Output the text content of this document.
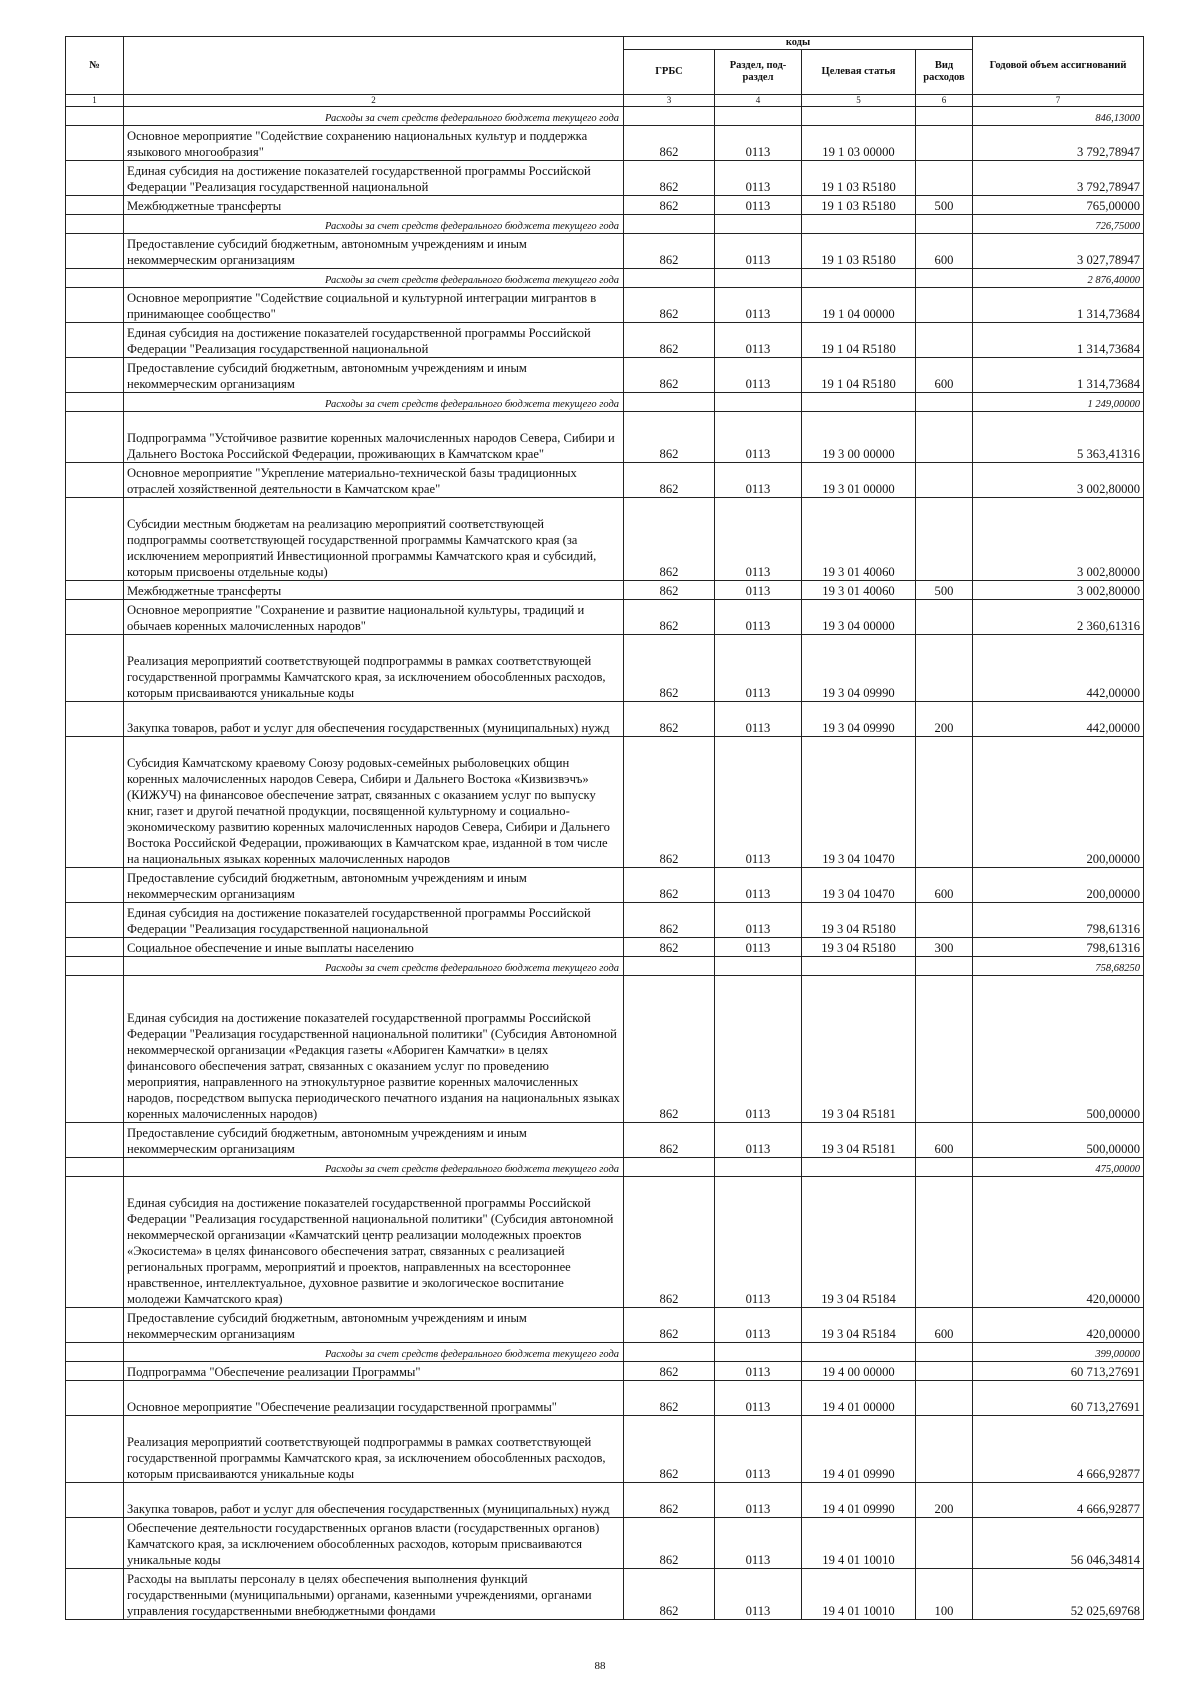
№		коды				Годовой объем ассигнований
		ГРБС	Раздел, под-раздел	Целевая статья	Вид расходов	
1	2	3	4	5	6	7
	Расходы за счет средств федерального бюджета текущего года					846,13000
	Основное мероприятие "Содействие сохранению национальных культур и поддержка языкового многообразия"	862	0113	19 1 03 00000		3 792,78947
	Единая субсидия на достижение показателей государственной программы Российской Федерации "Реализация государственной национальной	862	0113	19 1 03 R5180		3 792,78947
	Межбюджетные трансферты	862	0113	19 1 03 R5180	500	765,00000
	Расходы за счет средств федерального бюджета текущего года					726,75000
	Предоставление субсидий бюджетным, автономным учреждениям и иным некоммерческим организациям	862	0113	19 1 03 R5180	600	3 027,78947
	Расходы за счет средств федерального бюджета текущего года					2 876,40000
	Основное мероприятие "Содействие социальной и культурной интеграции мигрантов в принимающее сообщество"	862	0113	19 1 04 00000		1 314,73684
	Единая субсидия на достижение показателей государственной программы Российской Федерации "Реализация государственной национальной	862	0113	19 1 04 R5180		1 314,73684
	Предоставление субсидий бюджетным, автономным учреждениям и иным некоммерческим организациям	862	0113	19 1 04 R5180	600	1 314,73684
	Расходы за счет средств федерального бюджета текущего года					1 249,00000
	Подпрограмма "Устойчивое развитие коренных малочисленных народов Севера, Сибири и Дальнего Востока Российской Федерации, проживающих в Камчатском крае"	862	0113	19 3 00 00000		5 363,41316
	Основное мероприятие "Укрепление материально-технической базы традиционных отраслей хозяйственной деятельности в Камчатском крае"	862	0113	19 3 01 00000		3 002,80000
	Субсидии местным бюджетам на реализацию мероприятий соответствующей подпрограммы соответствующей государственной программы Камчатского края (за исключением мероприятий Инвестиционной программы Камчатского края и субсидий, которым присвоены отдельные коды)	862	0113	19 3 01 40060		3 002,80000
	Межбюджетные трансферты	862	0113	19 3 01 40060	500	3 002,80000
	Основное мероприятие "Сохранение и развитие национальной культуры, традиций и обычаев коренных малочисленных народов"	862	0113	19 3 04 00000		2 360,61316
	Реализация мероприятий соответствующей подпрограммы в рамках соответствующей государственной программы Камчатского края, за исключением обособленных расходов, которым присваиваются уникальные коды	862	0113	19 3 04 09990		442,00000
	Закупка товаров, работ и услуг для обеспечения государственных (муниципальных) нужд	862	0113	19 3 04 09990	200	442,00000
	Субсидия Камчатскому краевому Союзу родовых-семейных рыболовецких общин коренных малочисленных народов Севера, Сибири и Дальнего Востока «Кизвизвэчъ» (КИЖУЧ) на финансовое обеспечение затрат, связанных с оказанием услуг по выпуску книг, газет и другой печатной продукции, посвященной культурному и социально-экономическому развитию коренных малочисленных народов Севера, Сибири и Дальнего Востока Российской Федерации, проживающих в Камчатском крае, изданной в том числе на национальных языках коренных малочисленных народов	862	0113	19 3 04 10470		200,00000
	Предоставление субсидий бюджетным, автономным учреждениям и иным некоммерческим организациям	862	0113	19 3 04 10470	600	200,00000
	Единая субсидия на достижение показателей государственной программы Российской Федерации "Реализация государственной национальной	862	0113	19 3 04 R5180		798,61316
	Социальное обеспечение и иные выплаты населению	862	0113	19 3 04 R5180	300	798,61316
	Расходы за счет средств федерального бюджета текущего года					758,68250
	Единая субсидия на достижение показателей государственной программы Российской Федерации "Реализация государственной национальной политики" (Субсидия Автономной некоммерческой организации «Редакция газеты «Абориген Камчатки» в целях финансового обеспечения затрат, связанных с оказанием услуг по проведению мероприятия, направленного на этнокультурное развитие коренных малочисленных народов, посредством выпуска периодического печатного издания на национальных языках коренных малочисленных народов)	862	0113	19 3 04 R5181		500,00000
	Предоставление субсидий бюджетным, автономным учреждениям и иным некоммерческим организациям	862	0113	19 3 04 R5181	600	500,00000
	Расходы за счет средств федерального бюджета текущего года					475,00000
	Единая субсидия на достижение показателей государственной программы Российской Федерации "Реализация государственной национальной политики" (Субсидия автономной некоммерческой организации «Камчатский центр реализации молодежных проектов «Экосистема» в целях финансового обеспечения затрат, связанных с реализацией региональных программ, мероприятий и проектов, направленных на всестороннее нравственное, интеллектуальное, духовное развитие и экологическое воспитание молодежи Камчатского края)	862	0113	19 3 04 R5184		420,00000
	Предоставление субсидий бюджетным, автономным учреждениям и иным некоммерческим организациям	862	0113	19 3 04 R5184	600	420,00000
	Расходы за счет средств федерального бюджета текущего года					399,00000
	Подпрограмма "Обеспечение реализации Программы"	862	0113	19 4 00 00000		60 713,27691
	Основное мероприятие "Обеспечение реализации государственной программы"	862	0113	19 4 01 00000		60 713,27691
	Реализация мероприятий соответствующей подпрограммы в рамках соответствующей государственной программы Камчатского края, за исключением обособленных расходов, которым присваиваются уникальные коды	862	0113	19 4 01 09990		4 666,92877
	Закупка товаров, работ и услуг для обеспечения государственных (муниципальных) нужд	862	0113	19 4 01 09990	200	4 666,92877
	Обеспечение деятельности государственных органов власти (государственных органов) Камчатского края, за исключением обособленных расходов, которым присваиваются уникальные коды	862	0113	19 4 01 10010		56 046,34814
	Расходы на выплаты персоналу в целях обеспечения выполнения функций государственными (муниципальными) органами, казенными учреждениями, органами управления государственными внебюджетными фондами	862	0113	19 4 01 10010	100	52 025,69768
88
